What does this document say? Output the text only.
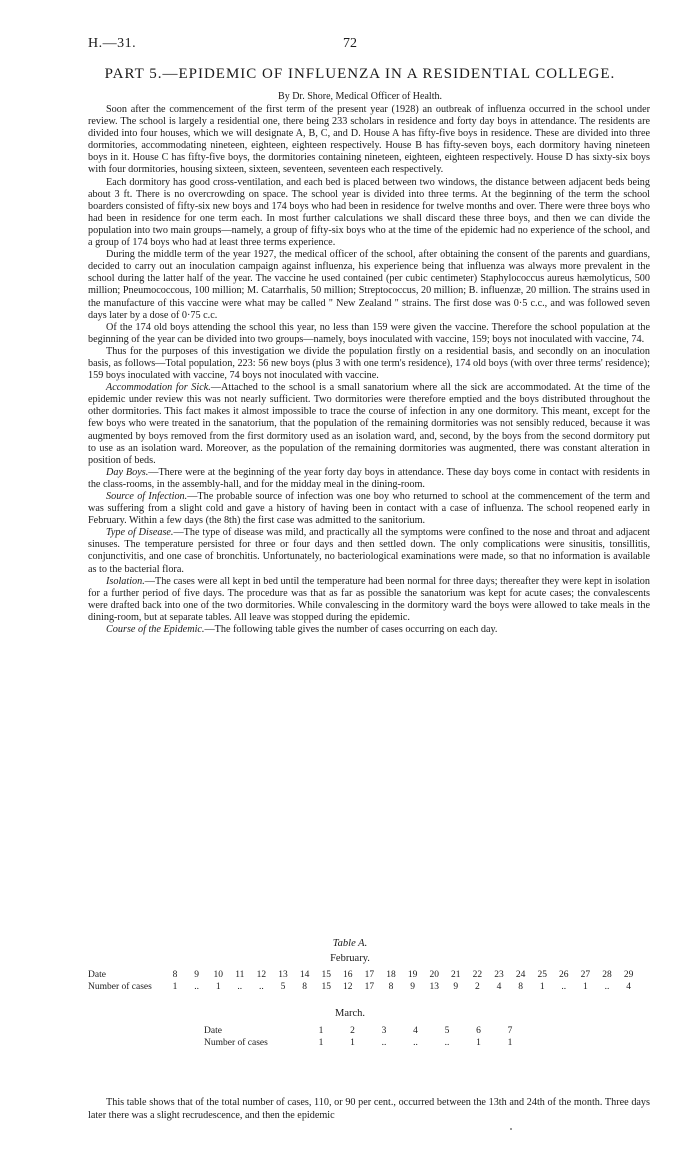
H.—31.	72
PART 5.—EPIDEMIC OF INFLUENZA IN A RESIDENTIAL COLLEGE.
By Dr. Shore, Medical Officer of Health.

Soon after the commencement of the first term of the present year (1928) an outbreak of influenza occurred in the school under review. The school is largely a residential one, there being 233 scholars in residence and forty day boys in attendance. The residents are divided into four houses, which we will designate A, B, C, and D. House A has fifty-five boys in residence. These are divided into three dormitories, accommodating nineteen, eighteen, eighteen respectively. House B has fifty-seven boys, each dormitory having nineteen boys in it. House C has fifty-five boys, the dormitories containing nineteen, eighteen, eighteen respectively. House D has sixty-six boys with four dormitories, housing sixteen, sixteen, seventeen, seventeen each respectively.

Each dormitory has good cross-ventilation, and each bed is placed between two windows, the distance between adjacent beds being about 3 ft. There is no overcrowding on space. The school year is divided into three terms. At the beginning of the term the school boarders consisted of fifty-six new boys and 174 boys who had been in residence for twelve months and over. There were three boys who had been in residence for one term each. In most further calculations we shall discard these three boys, and then we can divide the population into two main groups—namely, a group of fifty-six boys who at the time of the epidemic had no experience of the school, and a group of 174 boys who had at least three terms experience.

During the middle term of the year 1927, the medical officer of the school, after obtaining the consent of the parents and guardians, decided to carry out an inoculation campaign against influenza, his experience being that influenza was always more prevalent in the school during the latter half of the year. The vaccine he used contained (per cubic centimeter) Staphylococcus aureus hæmolyticus, 500 million; Pneumococcous, 100 million; M. Catarrhalis, 50 million; Streptococcus, 20 million; B. influenzæ, 20 million. The strains used in the manufacture of this vaccine were what may be called " New Zealand " strains. The first dose was 0·5 c.c., and was followed seven days later by a dose of 0·75 c.c.

Of the 174 old boys attending the school this year, no less than 159 were given the vaccine. Therefore the school population at the beginning of the year can be divided into two groups—namely, boys inoculated with vaccine, 159; boys not inoculated with vaccine, 74.

Thus for the purposes of this investigation we divide the population firstly on a residential basis, and secondly on an inoculation basis, as follows—Total population, 223: 56 new boys (plus 3 with one term's residence), 174 old boys (with over three terms' residence); 159 boys inoculated with vaccine, 74 boys not inoculated with vaccine.

Accommodation for Sick.—Attached to the school is a small sanatorium where all the sick are accommodated. At the time of the epidemic under review this was not nearly sufficient. Two dormitories were therefore emptied and the boys distributed throughout the other dormitories. This fact makes it almost impossible to trace the course of infection in any one dormitory. This meant, except for the few boys who were treated in the sanatorium, that the population of the remaining dormitories was not sensibly reduced, because it was augmented by boys removed from the first dormitory used as an isolation ward, and, second, by the boys from the second dormitory put to use as an isolation ward. Moreover, as the population of the remaining dormitories was augmented, there was constant alteration in position of beds.

Day Boys.—There were at the beginning of the year forty day boys in attendance. These day boys come in contact with residents in the class-rooms, in the assembly-hall, and for the midday meal in the dining-room.

Source of Infection.—The probable source of infection was one boy who returned to school at the commencement of the term and was suffering from a slight cold and gave a history of having been in contact with a case of influenza. The school reopened early in February. Within a few days (the 8th) the first case was admitted to the sanitorium.

Type of Disease.—The type of disease was mild, and practically all the symptoms were confined to the nose and throat and adjacent sinuses. The temperature persisted for three or four days and then settled down. The only complications were sinusitis, tonsillitis, conjunctivitis, and one case of bronchitis. Unfortunately, no bacteriological examinations were made, so that no information is available as to the bacterial flora.

Isolation.—The cases were all kept in bed until the temperature had been normal for three days; thereafter they were kept in isolation for a further period of five days. The procedure was that as far as possible the sanatorium was kept for acute cases; the convalescents were drafted back into one of the two dormitories. While convalescing in the dormitory ward the boys were allowed to take meals in the dining-room, but at separate tables. All leave was stopped during the epidemic.

Course of the Epidemic.—The following table gives the number of cases occurring on each day.

Table A.
February.
Date	8	9	10 11 12 13 14 15 16 17 18 19 20 21 22 23 24 25 26 27 28 29
Number of cases	1	..	1	..	..	5	8	15 12 17	8	9	13	9	2	4	8	1	..	1	..	4
March.
Date	1	2	3	4	5	6	7
Number of cases	1	1	..	..	..	1	1

This table shows that of the total number of cases, 110, or 90 per cent., occurred between the 13th and 24th of the month. Three days later there was a slight recrudescence, and then the epidemic
